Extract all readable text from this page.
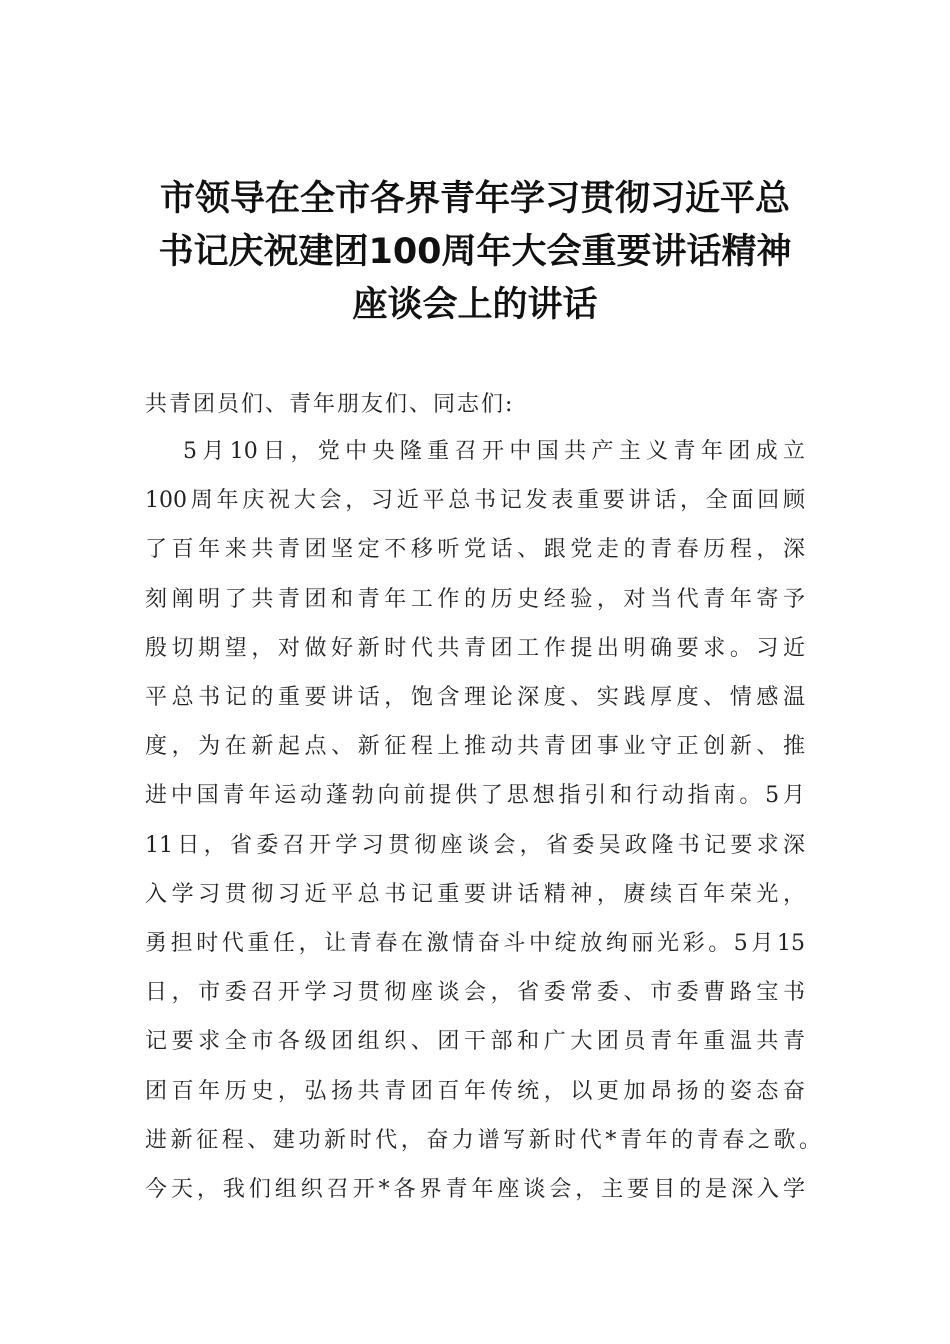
市领导在全市各界青年学习贯彻习近平总
书记庆祝建团100周年大会重要讲话精神
座谈会上的讲话
共青团员们、青年朋友们、同志们:
5月10日，党中央隆重召开中国共产主义青年团成立
100周年庆祝大会，习近平总书记发表重要讲话，全面回顾
了百年来共青团坚定不移听党话、跟党走的青春历程，深
刻阐明了共青团和青年工作的历史经验，对当代青年寄予
殷切期望，对做好新时代共青团工作提出明确要求。习近
平总书记的重要讲话，饱含理论深度、实践厚度、情感温
度，为在新起点、新征程上推动共青团事业守正创新、推
进中国青年运动蓬勃向前提供了思想指引和行动指南。5月
11日，省委召开学习贯彻座谈会，省委吴政隆书记要求深
入学习贯彻习近平总书记重要讲话精神，赓续百年荣光，
勇担时代重任，让青春在激情奋斗中绽放绚丽光彩。5月15
日，市委召开学习贯彻座谈会，省委常委、市委曹路宝书
记要求全市各级团组织、团干部和广大团员青年重温共青
团百年历史，弘扬共青团百年传统，以更加昂扬的姿态奋
进新征程、建功新时代，奋力谱写新时代*青年的青春之歌。
今天，我们组织召开*各界青年座谈会，主要目的是深入学
